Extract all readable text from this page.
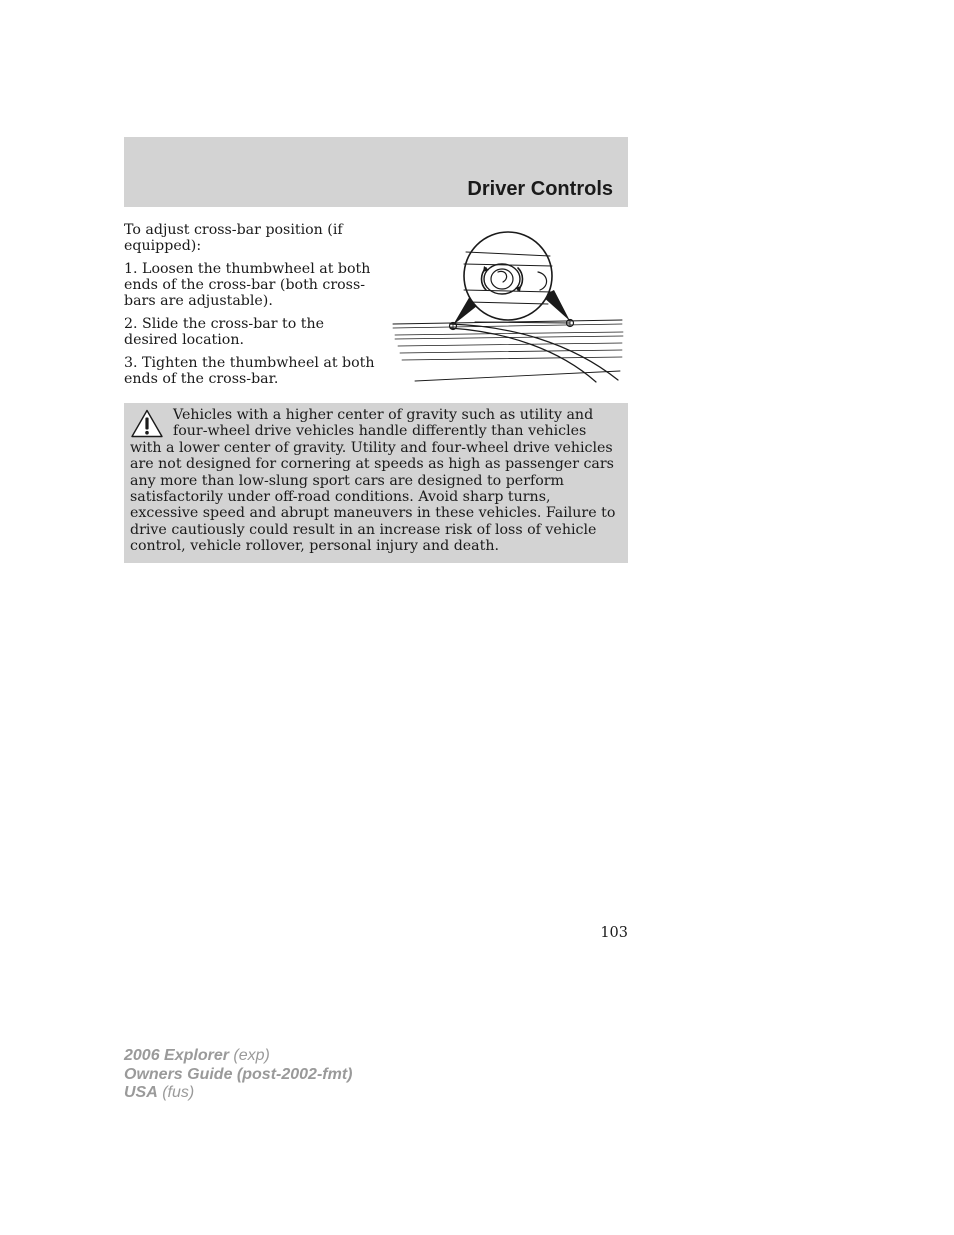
Driver Controls

To adjust cross-bar position (if equipped):

1. Loosen the thumbwheel at both ends of the cross-bar (both cross-bars are adjustable).

2. Slide the cross-bar to the desired location.

3. Tighten the thumbwheel at both ends of the cross-bar.

Vehicles with a higher center of gravity such as utility and four-wheel drive vehicles handle differently than vehicles with a lower center of gravity. Utility and four-wheel drive vehicles are not designed for cornering at speeds as high as passenger cars any more than low-slung sport cars are designed to perform satisfactorily under off-road conditions. Avoid sharp turns, excessive speed and abrupt maneuvers in these vehicles. Failure to drive cautiously could result in an increase risk of loss of vehicle control, vehicle rollover, personal injury and death.

103
2006 Explorer (exp)
Owners Guide (post-2002-fmt)
USA (fus)
